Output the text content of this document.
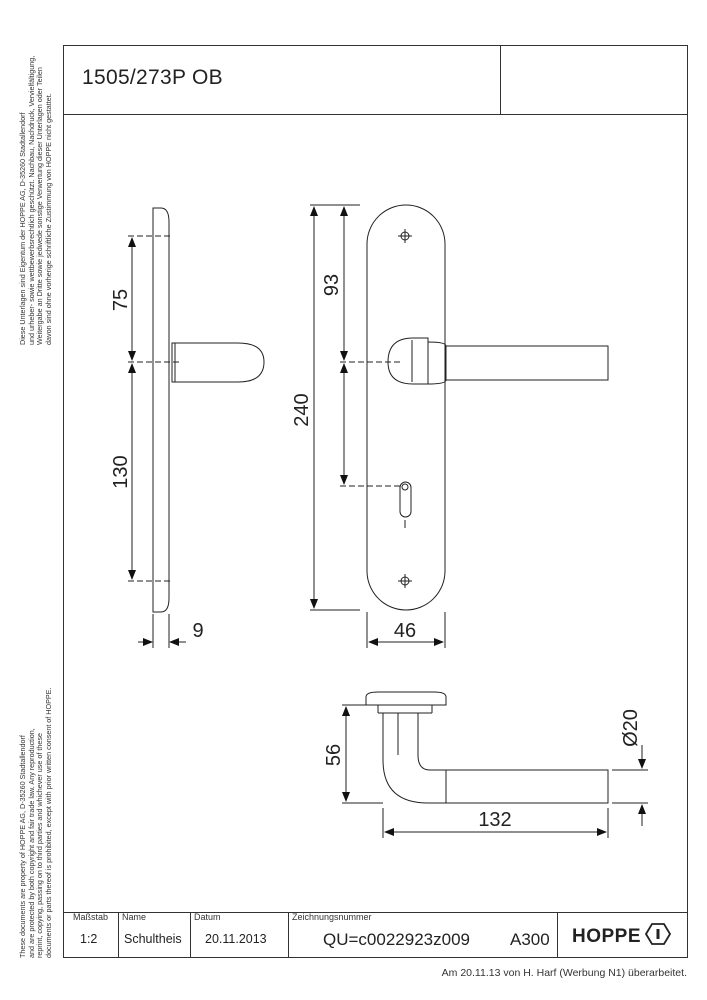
1505/273P OB
Diese Unterlagen sind Eigentum der HOPPE AG, D-35260 Stadtallendorf und urheber- sowie wettbewerbsrechtlich geschützt. Nachbau, Nachdruck, Vervielfältigung, Weitergabe an Dritte sowie jedwede sonstige Verwertung dieser Unterlagen oder Teilen davon sind ohne vorherige schriftliche Zustimmung von HOPPE nicht gestattet.
These documents are property of HOPPE AG, D-35260 Stadtallendorf and are protected by both copyright and fair trade law. Any reproduction, reprint, copying, passing on to third parties and whichever use of these documents or parts thereof is prohibited, except with prior written consent of HOPPE.
75
130
9
93
240
46
56
132
Ø20
Maßstab
1:2
Name
Schultheis
Datum
20.11.2013
Zeichnungsnummer
QU=c0022923z009 A300 HOPPE
Am 20.11.13 von H. Harf (Werbung N1) überarbeitet.
